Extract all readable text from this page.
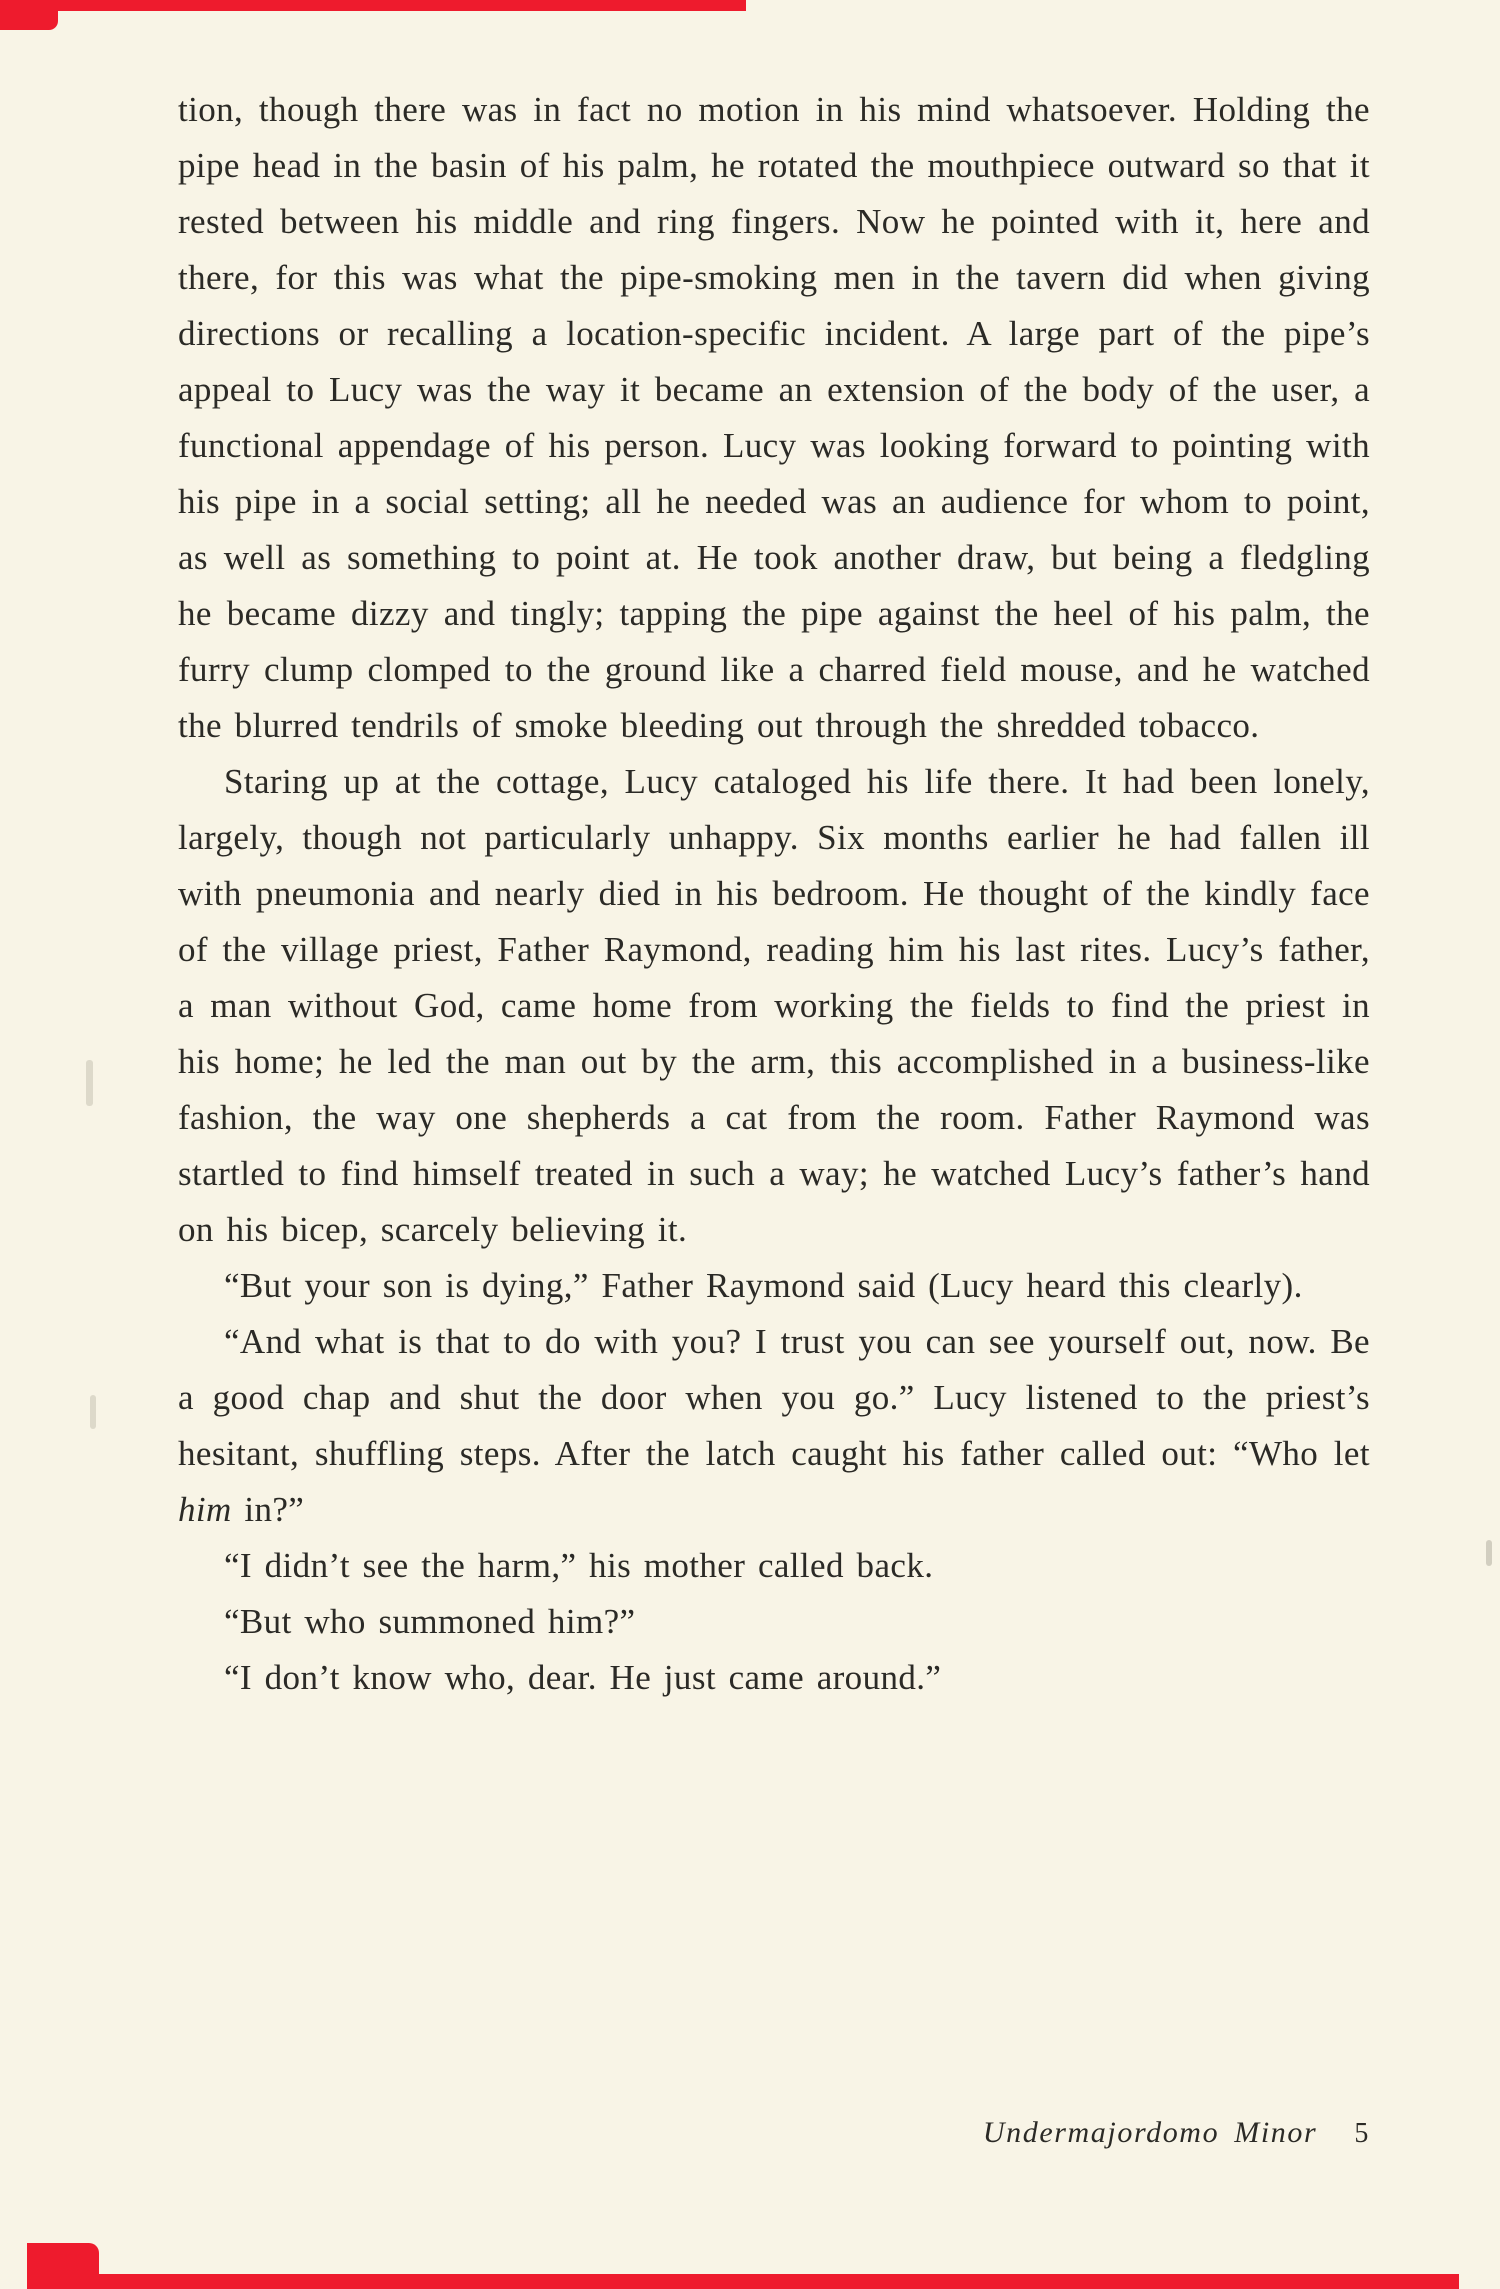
tion, though there was in fact no motion in his mind whatsoever. Holding the pipe head in the basin of his palm, he rotated the mouthpiece outward so that it rested between his middle and ring fingers. Now he pointed with it, here and there, for this was what the pipe-smoking men in the tavern did when giving directions or recalling a location-specific incident. A large part of the pipe’s appeal to Lucy was the way it became an extension of the body of the user, a functional appendage of his person. Lucy was looking forward to pointing with his pipe in a social setting; all he needed was an audience for whom to point, as well as something to point at. He took another draw, but being a fledgling he became dizzy and tingly; tapping the pipe against the heel of his palm, the furry clump clomped to the ground like a charred field mouse, and he watched the blurred tendrils of smoke bleeding out through the shredded tobacco.

Staring up at the cottage, Lucy cataloged his life there. It had been lonely, largely, though not particularly unhappy. Six months earlier he had fallen ill with pneumonia and nearly died in his bedroom. He thought of the kindly face of the village priest, Father Raymond, reading him his last rites. Lucy’s father, a man without God, came home from working the fields to find the priest in his home; he led the man out by the arm, this accomplished in a business-like fashion, the way one shepherds a cat from the room. Father Raymond was startled to find himself treated in such a way; he watched Lucy’s father’s hand on his bicep, scarcely believing it.

“But your son is dying,” Father Raymond said (Lucy heard this clearly).

“And what is that to do with you? I trust you can see yourself out, now. Be a good chap and shut the door when you go.” Lucy listened to the priest’s hesitant, shuffling steps. After the latch caught his father called out: “Who let him in?”

“I didn’t see the harm,” his mother called back.

“But who summoned him?”

“I don’t know who, dear. He just came around.”

Undermajordomo Minor 5
